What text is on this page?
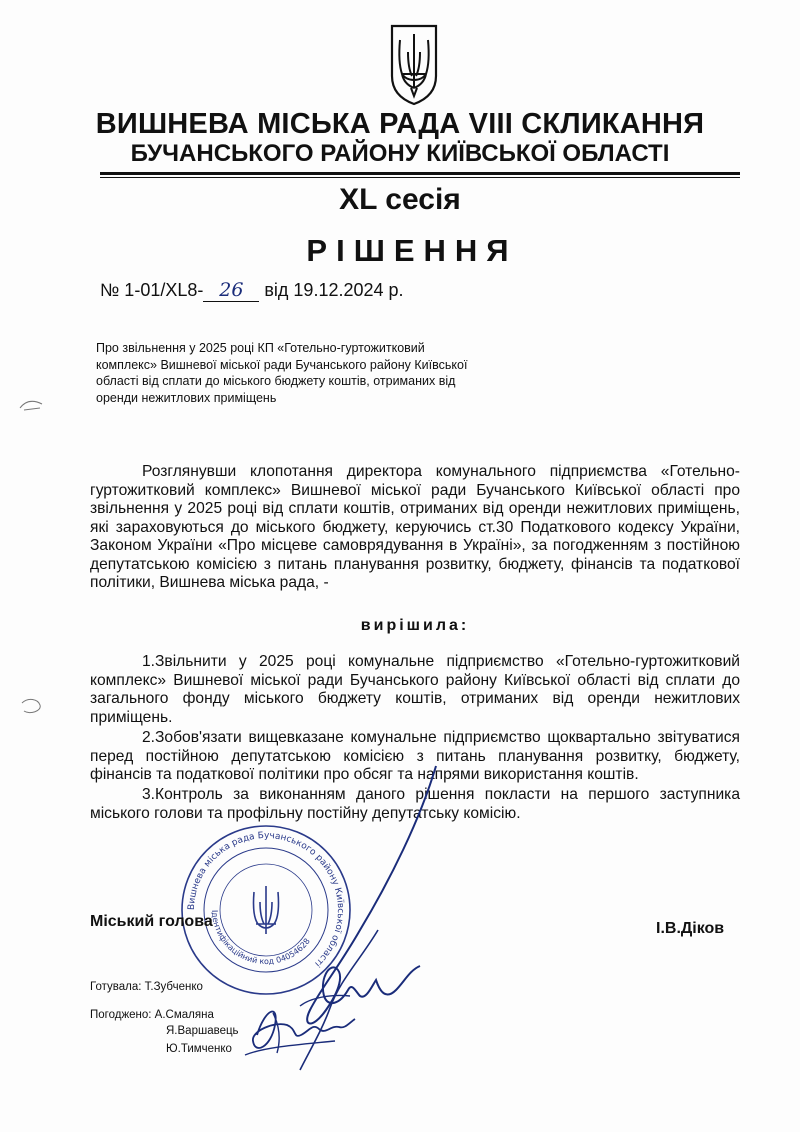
ВИШНЕВА МІСЬКА РАДА VIII СКЛИКАННЯ
БУЧАНСЬКОГО РАЙОНУ КИЇВСЬКОЇ ОБЛАСТІ
XL сесія
РІШЕННЯ
№ 1-01/XL8- 26 від 19.12.2024 р.
Про звільнення у 2025 році КП «Готельно-гуртожитковий комплекс» Вишневої міської ради Бучанського району Київської області від сплати до міського бюджету коштів, отриманих від оренди нежитлових приміщень
Розглянувши клопотання директора комунального підприємства «Готельно-гуртожитковий комплекс» Вишневої міської ради Бучанського Київської області про звільнення у 2025 році від сплати коштів, отриманих від оренди нежитлових приміщень, які зараховуються до міського бюджету, керуючись ст.30 Податкового кодексу України, Законом України «Про місцеве самоврядування в Україні», за погодженням з постійною депутатською комісією з питань планування розвитку, бюджету, фінансів та податкової політики, Вишнева міська рада, -
вирішила:
1.Звільнити у 2025 році комунальне підприємство «Готельно-гуртожитковий комплекс» Вишневої міської ради Бучанського району Київської області від сплати до загального фонду міського бюджету коштів, отриманих від оренди нежитлових приміщень.
2.Зобов'язати вищевказане комунальне підприємство щоквартально звітуватися перед постійною депутатською комісією з питань планування розвитку, бюджету, фінансів та податкової політики про обсяг та напрями використання коштів.
3.Контроль за виконанням даного рішення покласти на першого заступника міського голови та профільну постійну депутатську комісію.
Вишнева міська рада Бучанського району Київської області
Ідентифікаційний код 04054628
Міський голова	І.В.Діков
Готувала: Т.Зубченко
Погоджено: А.Смаляна
Я.Варшавець
Ю.Тимченко
